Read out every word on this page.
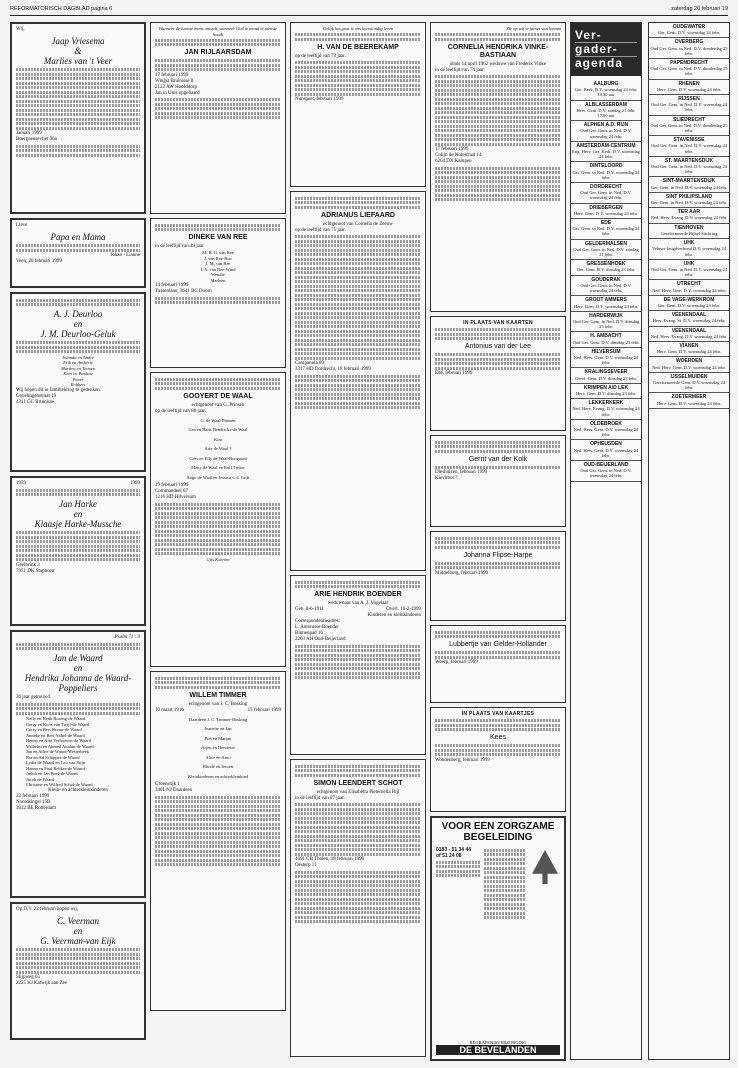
REFORMATORISCH DAGBLAD pagina 6	zaterdag 20 februari 19
Wij,
Jaap Vriesema
&
Marlies van 't Veer
Januari 1999
Boergoensevliet 56a
Lieve
Papa en Mama
Johan - Lianne
Veen, 20 februari 1999
A. J. Deurloo
en
J. M. Deurloo-Geluk
Jolanda en André
Erik en Anthérie
Martine en Tiemen
Kees en Pauline
Pieter
Robbert
Wij hopen dit in familiekring te gedenken.
Gevelingenstraat 19
4311 GC Bruinisse
1959	1999
Jan Harke
en
Klaasje Harke-Mussche
Geelbrink 3
7951 DK Staphorst
Psalm 71 : 9
Jan de Waard
en
Hendrika Johanna de Waard-
Poppeliers
36 jaar getrouwd.
Nelly en Henk Roseng-de Waard
Gerry en Koos van Twijf-de Waard
Corry en Bert Kroon-de Waard
Anneke en Bert Nobel-de Waard
Henny en Arie Verhoeven-de Waard
Wilhelm en Ahmed Aitalan-de Waard
Jan en Adrie de Waard-Westerbeek
Ria en Ad Schipper-de Waard
Lydia de Waard en Leo van Stijn
Hanna en Paul Bekker-de Waard
Judith en Jan Boel-de Waard
Jacob de Waard
Christine en Wilfred Schol-de Waard
Klein- en achterkleinkinderen
22 februari 1999
Noordsingel 15B
3032 BE Rotterdam
Op D.V. 22 februari hopen wij,
C. Veerman
en
G. Veerman-van Eijk
Slijpweg 65
2225 KJ Katwijk aan Zee
Wanneer de laatste mens ontvalt, wanneer God te mond te menste houdt
JAN RIJLAARSDAM
17 februari 1999
Wingst Bruinisse 8
2122 AW Hoofddorp
Jan in Unis opgebaard
DINEKE VAN REE
in de leeftijd van 49 jaar
M. B. G. van Ree
J. van Ree-Roo
J. M. van Ree
I. A. van Ree-Wind
Wendie
Marleen
14 februari 1999
Tussenlaan, 3641 BC Doorn
GOOYERT DE WAAL
echtgenoot van G. Prinsen
op de leeftijd van 88 jaar.
G. de Waal-Prinsen
Gea en Hans Hendrickx-de Waal
Kim
Arie de Waal †
Cees en Elly de Waal-Boogaard
Metty de Waal en Rolf Trister
Augo de Waal en Jessica v. d. Grift
19 februari 1999
Commandeel 67
1216 HD Hilversum
Gijs Koerten
WILLEM TIMMER
echtgenoot van J. C. Bosking
10 maart 1916	15 februari 1999
Daardeen J. C. Timmer-Bosking
Jeanette en Jan
Piet en Marjan
Arjen en Henriette
Alice en Arno
Rhodé en Jeroen
Kleinkinderen en achterkleinkind
Groenstijk 1
3401 NJ Daardeen
Gelijk het gras is ons kortstondig leven
H. VAN DE BEEREKAMP
op de leeftijd van 73 jaar.
Nunspeet, februari 1999
ADRIANUS LIEFAARD
echtgenoot van Cornelia de Zeeuw
op de leeftijd van 75 jaar.
Campanula 89
3317 HD Dordrecht, 18 februari 1999
ARIE HENDRIK BOENDER
weduwnaar van A. J. Vogelaar
Geb. 8-6-1911	Overl. 16-2-1999
Kinderen en kleinkinderen
Correspondentieadres:
L. Antonisse-Boender
Binnenpad 16
2203 AH Oud-Beijerland
SIMON LEENDERT SCHOT
echtgenoot van Elisabetta Pieternella Bijl
in de leeftijd van 87 jaar.
4691 CB Tholen, 18 februari 1999
Oesterp 11
Zie op wij te jaeset van lennen
CORNELIA HENDRIKA VINKE-BASTIAAN
sinds 14 april 1962 weduwe van Frederik Vinke
in de leeftijd van 74 jaar.
17 februari 1999
Colijn de Nolestraat 14
6264 DX Kampen
IN PLAATS VAN KAARTEN
Antonius van der Lee
Ede, februari 1999
Gerrit van der Kolk
Dieshuizen, februari 1999
Kievitbot 7
Johanna Flipse-Harpe
Middelburg, februari 1999
Lubbertje van Gelder-Hollander
Woerp, februari 1999
IN PLAATS VAN KAARTJES
Kees
Woudenberg, februari 1999
VOOR EEN ZORGZAME
BEGELEIDING
0183 - 51 34 44
of 51 24 08
BEGRAFENISVERZORGING
DE BEVELANDEN
Ver-
gader-
agenda
AALBURG
Ger. Kerk, D.V. woensdag 24 febr. 19.30 uur
ALBLASSERDAM
Herv. Gem. D.V. zondag 21 febr. 17.00 uur
ALPHEN A.D. RIJN
Oud Ger. Gem. in Ned. D.V. woensdag 24 febr.
AMSTERDAM-CENTRUM
Eng. Herv. Ger. Kerk, D.V. woensdag 24 febr.
DINTELOORD
Ger. Gem. in Ned. D.V. woensdag 24 febr.
DORDRECHT
Oud Ger. Gem. in Ned. D.V. woensdag 24 febr.
DRIEBERGEN
Herv. Gem. D.V. woensdag 24 febr.
EDE
Ger. Gem. in Ned. D.V. woensdag 24 febr.
GELDERMALSEN
Oud Ger. Gem. in Ned. D.V. zondag 21 febr.
GRESSENHOEK
Ger. Gem. D.V. dinsdag 23 febr.
GOUDERAK
Oud Ger. Gem. in Ned. D.V. woensdag 24 febr.
GROOT AMMERS
Herv. Gem. D.V. woensdag 24 febr.
HARDERWIJK
Oud Ger. Gem. in Ned. D.V. dinsdag 23 febr.
H. AMBACHT
Oud Ger. Gem. D.V. dinsdag 23 febr.
HILVERSUM
Ned. Herv. Gem. D.V. woensdag 24 febr.
KRALINGSEVEER
Geref. Gem. D.V. dinsdag 23 febr.
KRIMPEN A/D LEK
Herv. Gem. D.V. dinsdag 23 febr.
LEKKERKERK
Ned. Herv. Evang. D.V. woensdag 24 febr.
OLDEBROEK
Ned. Herv. Gem. D.V. woensdag 24 febr.
OPHEUSDEN
Ned. Herv. Gem. D.V. woensdag 24 febr.
OUD-BEIJERLAND
Oud Ger. Gem. in Ned. D.V. woensdag 24 febr.
OUDEWATER
Ger. Gem. D.V. woensdag 24 febr.
OVERBERG
Oud Ger. Gem. in Ned. D.V. donderdag 25 febr.
PAPENDRECHT
Oud Ger. Gem. in Ned. D.V. donderdag 25 febr.
RHENEN
Herv. Gem. D.V. woensdag 24 febr.
RIJSSEN
Oud Ger. Gem. in Ned. D.V. woensdag 24 febr.
SLIEDRECHT
Oud Ger. Gem. in Ned. D.V. donderdag 25 febr.
STAVENISSE
Oud Ger. Gem. in Ned. D.V. woensdag 24 febr.
ST. MAARTENSDIJK
Oud Ger. Gem. in Ned. D.V. woensdag 24 febr.
SINT-MAARTENSDIJK
Ger. Gem. in Ned. D.V. woensdag 24 febr.
SINT PHILIPSLAND
Ger. Gem. in Ned. D.V. woensdag 24 febr.
TER AAR
Ned. Herv. Evang. D.V. woensdag 24 febr.
TIENHOVEN
Gereformeerde Bijbel Stichting
UHK
Veluwe Jeugdverbond D.V. woensdag 24 febr.
UHK
Oud Ger. Gem. in Ned. D.V. woensdag 24 febr.
UTRECHT
Ned. Herv. Gem. D.V. woensdag 24 febr.
DE VAGE-WERKROM
Ger. Gem. D.V. woensdag 24 febr.
VEENENDAAL
Herv. Evang. St. D.V. woensdag 24 febr.
VEENENDAAL
Ned. Herv. Evang. D.V. woensdag 24 febr.
VIANEN
Herv. Gem. D.V. woensdag 24 febr.
WOERDEN
Ned. Herv. Gem. D.V. woensdag 24 febr.
IJSSELMUIDEN
Gereformeerde Gem. D.V. woensdag 24 febr.
ZOETERMEER
Herv. Gem. D.V. woensdag 24 febr.
